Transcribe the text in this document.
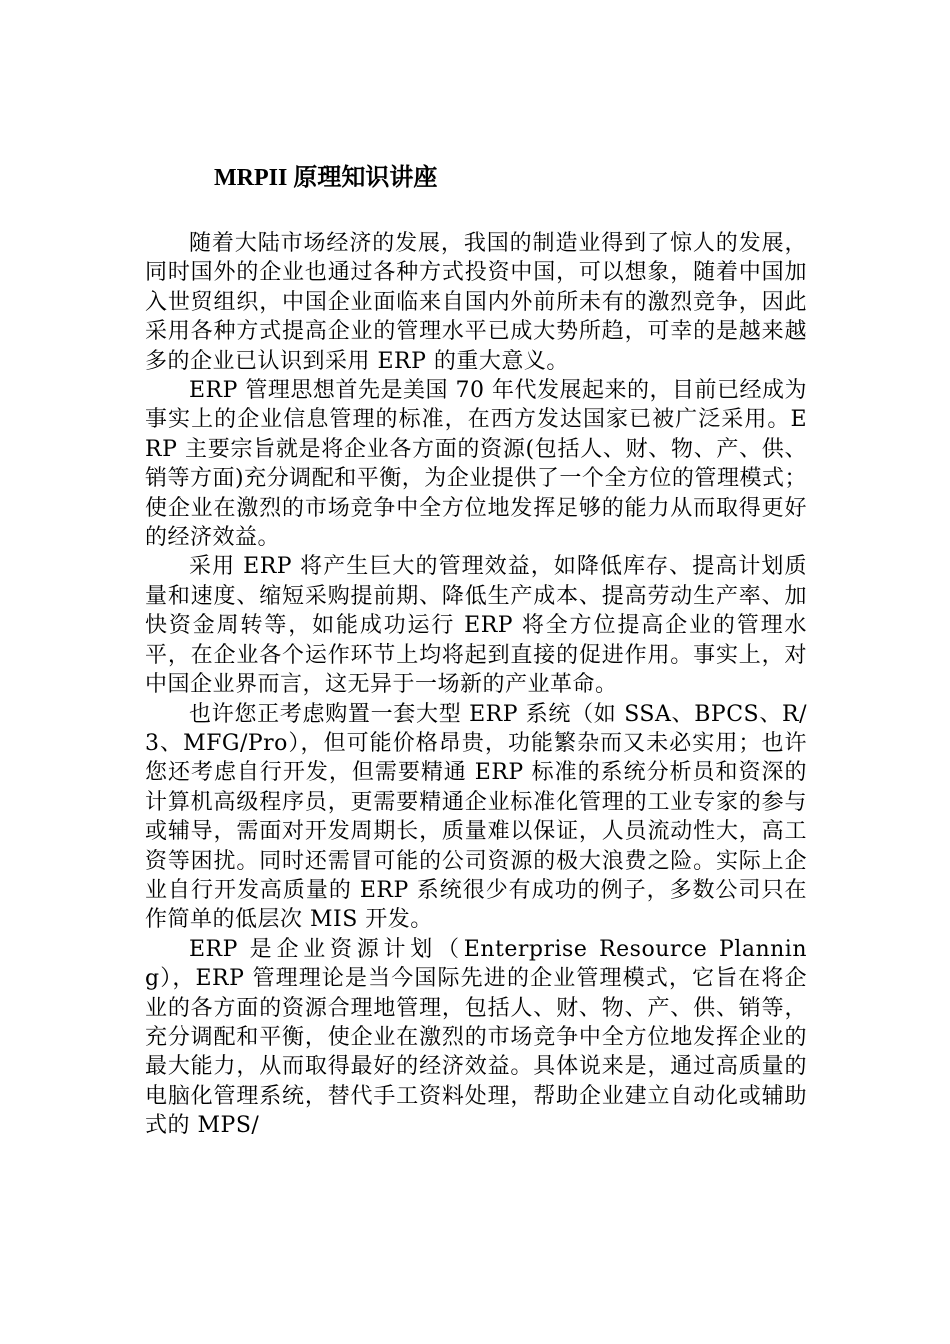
MRPII 原理知识讲座

随着大陆市场经济的发展，我国的制造业得到了惊人的发展，同时国外的企业也通过各种方式投资中国，可以想象，随着中国加入世贸组织，中国企业面临来自国内外前所未有的激烈竞争，因此采用各种方式提高企业的管理水平已成大势所趋，可幸的是越来越多的企业已认识到采用 ERP 的重大意义。

ERP 管理思想首先是美国 70 年代发展起来的，目前已经成为事实上的企业信息管理的标准，在西方发达国家已被广泛采用。ERP 主要宗旨就是将企业各方面的资源(包括人、财、物、产、供、销等方面)充分调配和平衡，为企业提供了一个全方位的管理模式；使企业在激烈的市场竞争中全方位地发挥足够的能力从而取得更好的经济效益。

采用 ERP 将产生巨大的管理效益，如降低库存、提高计划质量和速度、缩短采购提前期、降低生产成本、提高劳动生产率、加快资金周转等，如能成功运行 ERP 将全方位提高企业的管理水平，在企业各个运作环节上均将起到直接的促进作用。事实上，对中国企业界而言，这无异于一场新的产业革命。

也许您正考虑购置一套大型 ERP 系统（如 SSA、BPCS、R/3、MFG/Pro），但可能价格昂贵，功能繁杂而又未必实用；也许您还考虑自行开发，但需要精通 ERP 标准的系统分析员和资深的计算机高级程序员，更需要精通企业标准化管理的工业专家的参与或辅导，需面对开发周期长，质量难以保证，人员流动性大，高工资等困扰。同时还需冒可能的公司资源的极大浪费之险。实际上企业自行开发高质量的 ERP 系统很少有成功的例子，多数公司只在作简单的低层次 MIS 开发。

ERP 是企业资源计划（Enterprise Resource Planning），ERP 管理理论是当今国际先进的企业管理模式，它旨在将企业的各方面的资源合理地管理，包括人、财、物、产、供、销等，充分调配和平衡，使企业在激烈的市场竞争中全方位地发挥企业的最大能力，从而取得最好的经济效益。具体说来是，通过高质量的电脑化管理系统，替代手工资料处理，帮助企业建立自动化或辅助式的 MPS/
